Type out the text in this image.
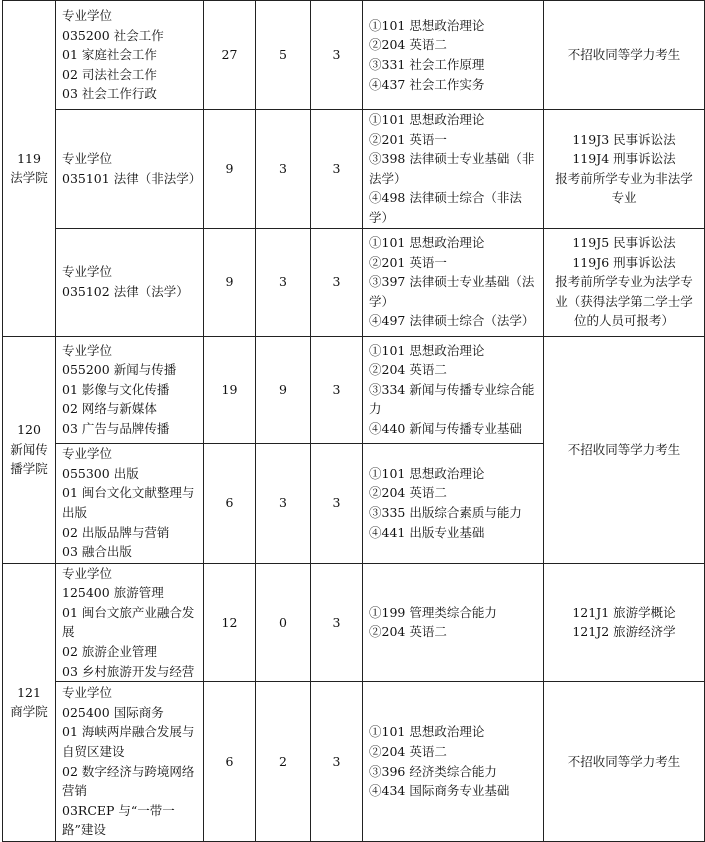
119 法学院	专业学位
035200 社会工作
01 家庭社会工作
02 司法社会工作
03 社会工作行政	27	5	3	①101 思想政治理论
②204 英语二
③331 社会工作原理
④437 社会工作实务	不招收同等学力考生

	专业学位
035101 法律（非法学）	9	3	3	①101 思想政治理论
②201 英语一
③398 法律硕士专业基础（非法学）
④498 法律硕士综合（非法学）	119J3 民事诉讼法
119J4 刑事诉讼法
报考前所学专业为非法学专业

	专业学位
035102 法律（法学）	9	3	3	①101 思想政治理论
②201 英语一
③397 法律硕士专业基础（法学）
④497 法律硕士综合（法学）	119J5 民事诉讼法
119J6 刑事诉讼法
报考前所学专业为法学专业（获得法学第二学士学位的人员可报考）

120 新闻传播学院	专业学位
055200 新闻与传播
01 影像与文化传播
02 网络与新媒体
03 广告与品牌传播	19	9	3	①101 思想政治理论
②204 英语二
③334 新闻与传播专业综合能力
④440 新闻与传播专业基础	不招收同等学力考生

	专业学位
055300 出版
01 闽台文化文献整理与出版
02 出版品牌与营销
03 融合出版	6	3	3	①101 思想政治理论
②204 英语二
③335 出版综合素质与能力
④441 出版专业基础	

121 商学院	专业学位
125400 旅游管理
01 闽台文旅产业融合发展
02 旅游企业管理
03 乡村旅游开发与经营	12	0	3	①199 管理类综合能力
②204 英语二	121J1 旅游学概论
121J2 旅游经济学

	专业学位
025400 国际商务
01 海峡两岸融合发展与自贸区建设
02 数字经济与跨境网络营销
03RCEP 与“一带一路”建设	6	2	3	①101 思想政治理论
②204 英语二
③396 经济类综合能力
④434 国际商务专业基础	不招收同等学力考生
